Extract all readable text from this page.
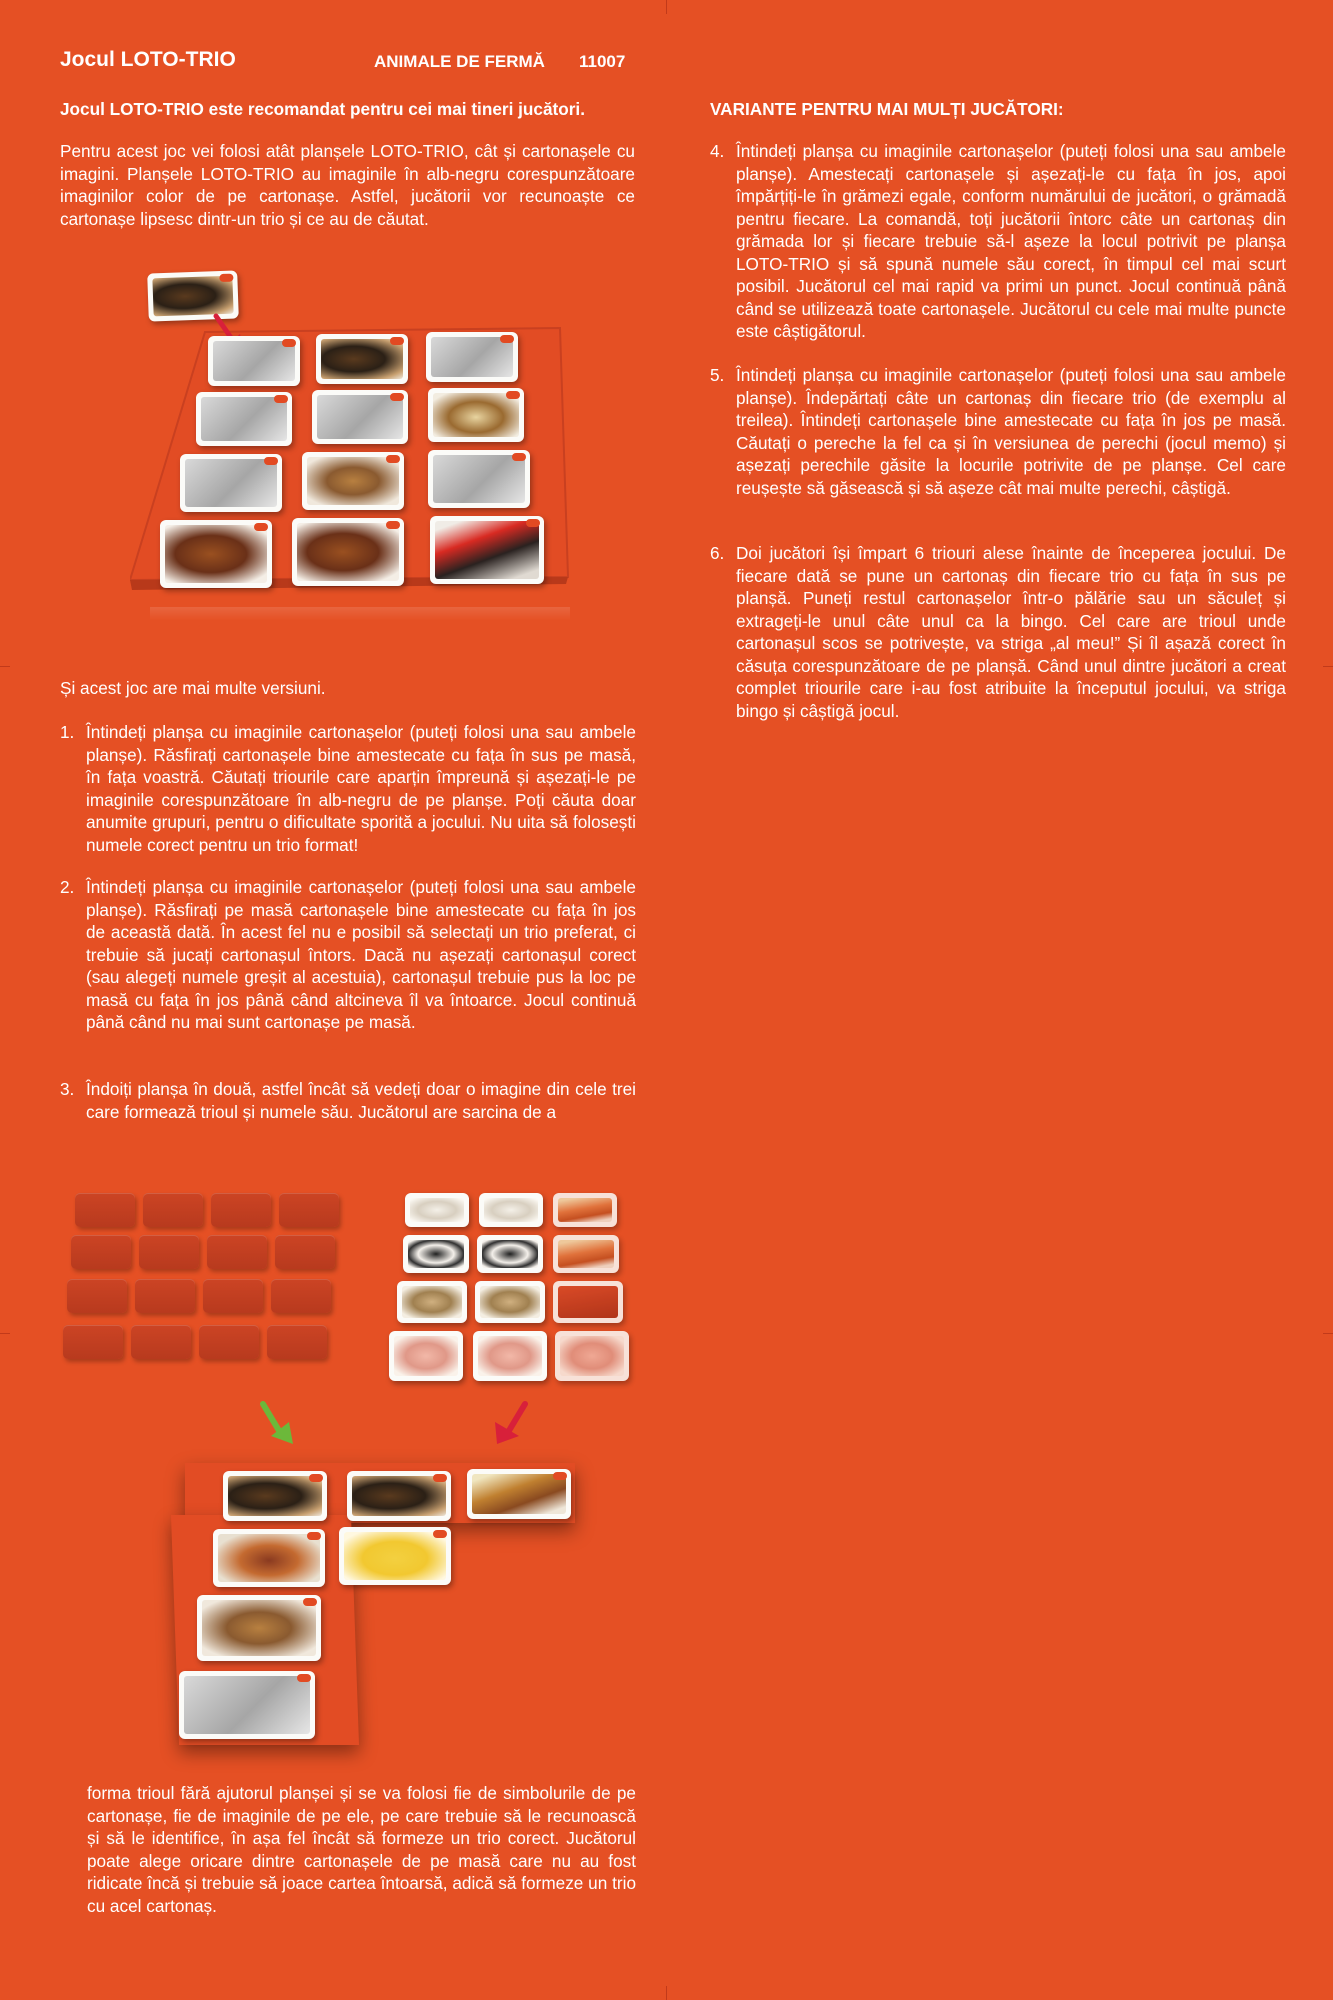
Jocul LOTO-TRIO	ANIMALE DE FERMĂ 11007
Jocul LOTO-TRIO este recomandat pentru cei mai tineri jucători.

Pentru acest joc vei folosi atât planșele LOTO-TRIO, cât și cartonașele cu imagini. Planșele LOTO-TRIO au imaginile în alb-negru corespunzătoare imaginilor color de pe cartonașe. Astfel, jucătorii vor recunoaște ce cartonașe lipsesc dintr-un trio și ce au de căutat.

Și acest joc are mai multe versiuni.
1. Întindeți planșa cu imaginile cartonașelor (puteți folosi una sau ambele planșe). Răsfirați cartonașele bine amestecate cu fața în sus pe masă, în fața voastră. Căutați triourile care aparțin împreună și așezați-le pe imaginile corespunzătoare în alb-negru de pe planșe. Poți căuta doar anumite grupuri, pentru o dificultate sporită a jocului. Nu uita să folosești numele corect pentru un trio format!
2. Întindeți planșa cu imaginile cartonașelor (puteți folosi una sau ambele planșe). Răsfirați pe masă cartonașele bine amestecate cu fața în jos de această dată. În acest fel nu e posibil să selectați un trio preferat, ci trebuie să jucați cartonașul întors. Dacă nu așezați cartonașul corect (sau alegeți numele greșit al acestuia), cartonașul trebuie pus la loc pe masă cu fața în jos până când altcineva îl va întoarce. Jocul continuă până când nu mai sunt cartonașe pe masă.
3. Îndoiți planșa în două, astfel încât să vedeți doar o imagine din cele trei care formează trioul și numele său. Jucătorul are sarcina de a

forma trioul fără ajutorul planșei și se va folosi fie de simbolurile de pe cartonașe, fie de imaginile de pe ele, pe care trebuie să le recunoască și să le identifice, în așa fel încât să formeze un trio corect. Jucătorul poate alege oricare dintre cartonașele de pe masă care nu au fost ridicate încă și trebuie să joace cartea întoarsă, adică să formeze un trio cu acel cartonaș.

VARIANTE PENTRU MAI MULȚI JUCĂTORI:
4. Întindeți planșa cu imaginile cartonașelor (puteți folosi una sau ambele planșe). Amestecați cartonașele și așezați-le cu fața în jos, apoi împărțiți-le în grămezi egale, conform numărului de jucători, o grămadă pentru fiecare. La comandă, toți jucătorii întorc câte un cartonaș din grămada lor și fiecare trebuie să-l așeze la locul potrivit pe planșa LOTO-TRIO și să spună numele său corect, în timpul cel mai scurt posibil. Jucătorul cel mai rapid va primi un punct. Jocul continuă până când se utilizează toate cartonașele. Jucătorul cu cele mai multe puncte este câștigătorul.
5. Întindeți planșa cu imaginile cartonașelor (puteți folosi una sau ambele planșe). Îndepărtați câte un cartonaș din fiecare trio (de exemplu al treilea). Întindeți cartonașele bine amestecate cu fața în jos pe masă. Căutați o pereche la fel ca și în versiunea de perechi (jocul memo) și așezați perechile găsite la locurile potrivite de pe planșe. Cel care reușește să găsească și să așeze cât mai multe perechi, câștigă.
6. Doi jucători își împart 6 triouri alese înainte de începerea jocului. De fiecare dată se pune un cartonaș din fiecare trio cu fața în sus pe planșă. Puneți restul cartonașelor într-o pălărie sau un săculeț și extrageți-le unul câte unul ca la bingo. Cel care are trioul unde cartonașul scos se potrivește, va striga „al meu!” Și îl așază corect în căsuța corespunzătoare de pe planșă. Când unul dintre jucători a creat complet triourile care i-au fost atribuite la începutul jocului, va striga bingo și câștigă jocul.
